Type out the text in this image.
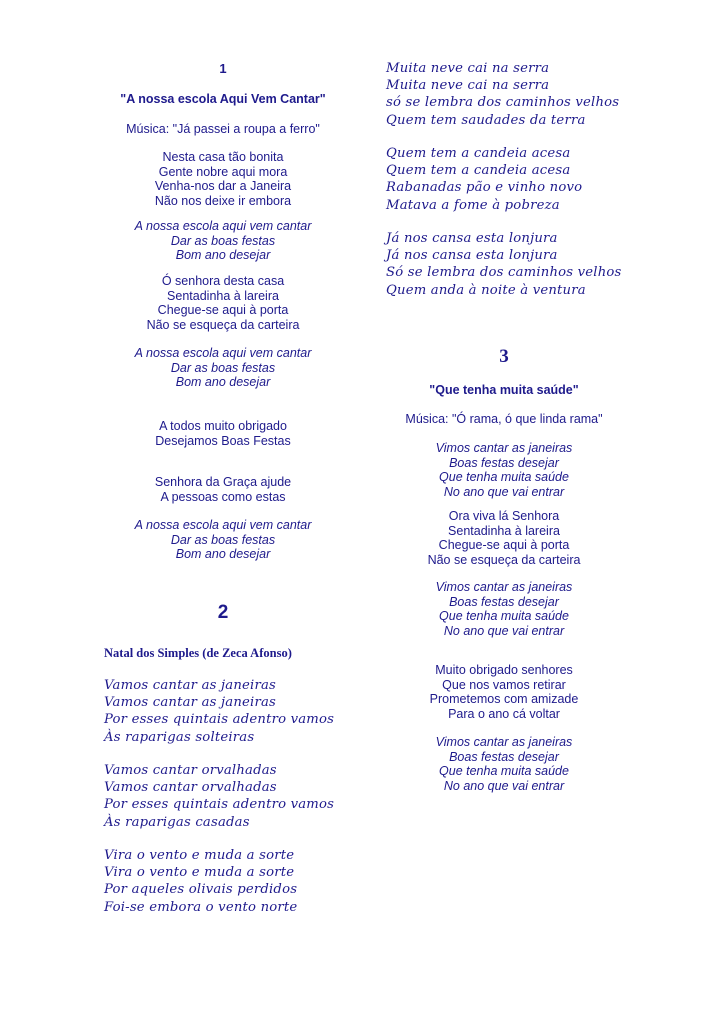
1
"A nossa escola Aqui Vem Cantar"
Música: "Já passei a roupa a ferro"
Nesta casa tão bonita
Gente nobre aqui mora
Venha-nos dar a Janeira
Não nos deixe ir embora
A nossa escola aqui vem cantar
Dar as boas festas
Bom ano desejar
Ó senhora desta casa
Sentadinha à lareira
Chegue-se aqui à porta
Não se esqueça da carteira
A nossa escola aqui vem cantar
Dar as boas festas
Bom ano desejar
A todos muito obrigado
Desejamos Boas Festas
Senhora da Graça ajude
A pessoas como estas
A nossa escola aqui vem cantar
Dar as boas festas
Bom ano desejar
2
Natal dos Simples (de Zeca Afonso)
Vamos cantar as janeiras
Vamos cantar as janeiras
Por esses quintais adentro vamos
Às raparigas solteiras
Vamos cantar orvalhadas
Vamos cantar orvalhadas
Por esses quintais adentro vamos
Às raparigas casadas
Vira o vento e muda a sorte
Vira o vento e muda a sorte
Por aqueles olivais perdidos
Foi-se embora o vento norte
Muita neve cai na serra
Muita neve cai na serra
só se lembra dos caminhos velhos
Quem tem saudades da terra
Quem tem a candeia acesa
Quem tem a candeia acesa
Rabanadas pão e vinho novo
Matava a fome à pobreza
Já nos cansa esta lonjura
Já nos cansa esta lonjura
Só se lembra dos caminhos velhos
Quem anda à noite à ventura
3
"Que tenha muita saúde"
Música: "Ó rama, ó que linda rama"
Vimos cantar as janeiras
Boas festas desejar
Que tenha muita saúde
No ano que vai entrar
Ora viva lá Senhora
Sentadinha à lareira
Chegue-se aqui à porta
Não se esqueça da carteira
Vimos cantar as janeiras
Boas festas desejar
Que tenha muita saúde
No ano que vai entrar
Muito obrigado senhores
Que nos vamos retirar
Prometemos com amizade
Para o ano cá voltar
Vimos cantar as janeiras
Boas festas desejar
Que tenha muita saúde
No ano que vai entrar
